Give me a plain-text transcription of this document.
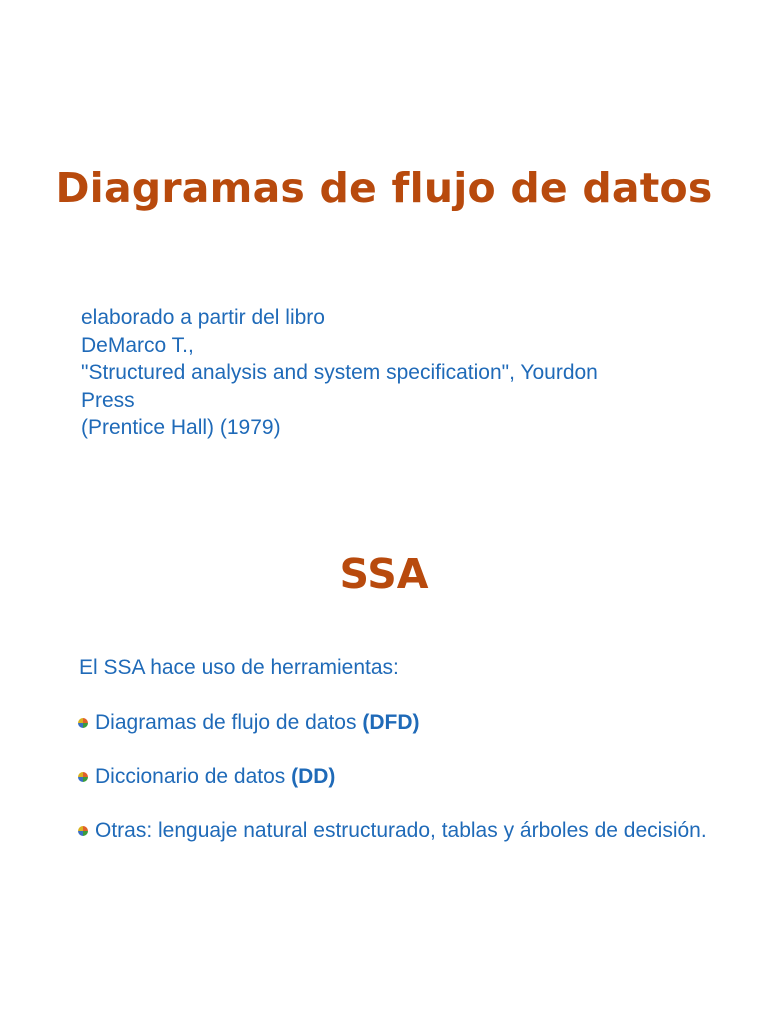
Diagramas de flujo de datos
elaborado a partir del libro
DeMarco T.,
"Structured analysis and system specification", Yourdon
Press
(Prentice Hall) (1979)
SSA
El SSA hace uso de herramientas:
Diagramas de flujo de datos (DFD)
Diccionario de datos (DD)
Otras: lenguaje natural estructurado, tablas y árboles de decisión.
